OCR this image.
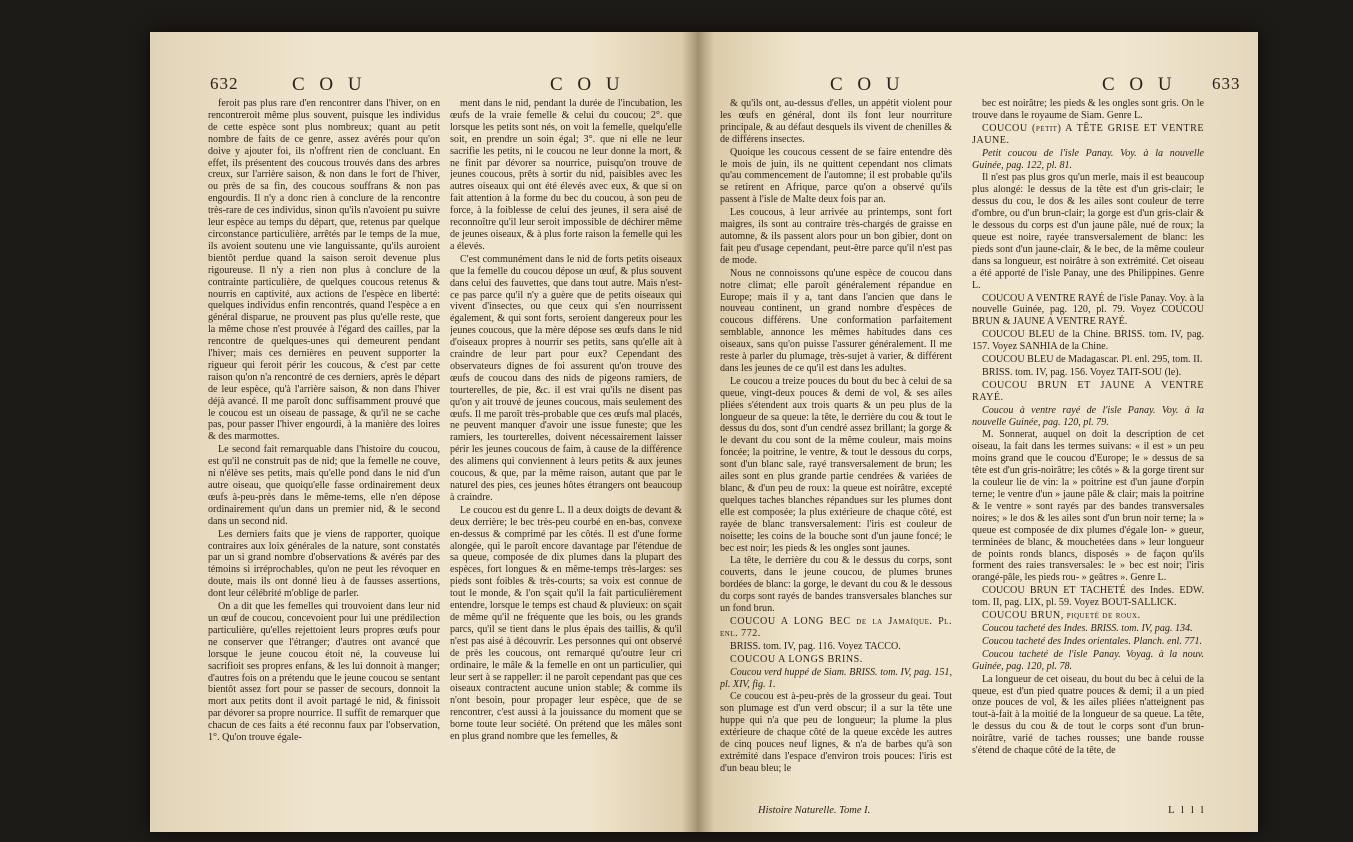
632	C O U	C O U

feroit pas plus rare d'en rencontrer dans l'hiver, on en rencontreroit même plus souvent, puisque les individus de cette espèce sont plus nombreux; quant au petit nombre de faits de ce genre, assez avérés pour qu'on doive y ajouter foi, ils n'offrent rien de concluant. En effet, ils présentent des coucous trouvés dans des arbres creux, sur l'arrière saison, & non dans le fort de l'hiver, ou près de sa fin, des coucous souffrans & non pas engourdis. Il n'y a donc rien à conclure de la rencontre très-rare de ces individus, sinon qu'ils n'avoient pu suivre leur espèce au temps du départ, que, retenus par quelque circonstance particulière, arrêtés par le temps de la mue, ils avoient soutenu une vie languissante, qu'ils auroient bientôt perdue quand la saison seroit devenue plus rigoureuse. Il n'y a rien non plus à conclure de la contrainte particulière, de quelques coucous retenus & nourris en captivité, aux actions de l'espèce en liberté: quelques individus enfin rencontrés, quand l'espèce a en général disparue, ne prouvent pas plus qu'elle reste, que la même chose n'est prouvée à l'égard des cailles, par la rencontre de quelques-unes qui demeurent pendant l'hiver; mais ces dernières en peuvent supporter la rigueur qui feroit périr les coucous, & c'est par cette raison qu'on n'a rencontré de ces derniers, après le départ de leur espèce, qu'à l'arrière saison, & non dans l'hiver déjà avancé. Il me paroît donc suffisamment prouvé que le coucou est un oiseau de passage, & qu'il ne se cache pas, pour passer l'hiver engourdi, à la manière des loires & des marmottes.

Le second fait remarquable dans l'histoire du coucou, est qu'il ne construit pas de nid; que la femelle ne couve, ni n'élève ses petits, mais qu'elle pond dans le nid d'un autre oiseau, que quoiqu'elle fasse ordinairement deux œufs à-peu-près dans le même-tems, elle n'en dépose ordinairement qu'un dans un premier nid, & le second dans un second nid.

Les derniers faits que je viens de rapporter, quoique contraires aux loix générales de la nature, sont constatés par un si grand nombre d'observations & avérés par des témoins si irréprochables, qu'on ne peut les révoquer en doute, mais ils ont donné lieu à de fausses assertions, dont leur célébrité m'oblige de parler.

On a dit que les femelles qui trouvoient dans leur nid un œuf de coucou, concevoient pour lui une prédilection particulière, qu'elles rejettoient leurs propres œufs pour ne conserver que l'étranger; d'autres ont avancé que lorsque le jeune coucou étoit né, la couveuse lui sacrifioit ses propres enfans, & les lui donnoit à manger; d'autres fois on a prétendu que le jeune coucou se sentant bientôt assez fort pour se passer de secours, donnoit la mort aux petits dont il avoit partagé le nid, & finissoit par dévorer sa propre nourrice. Il suffit de remarquer que chacun de ces faits a été reconnu faux par l'observation, 1°. Qu'on trouve égale-

ment dans le nid, pendant la durée de l'incubation, les œufs de la vraie femelle & celui du coucou; 2°. que lorsque les petits sont nés, on voit la femelle, quelqu'elle soit, en prendre un soin égal; 3°. que ni elle ne leur sacrifie les petits, ni le coucou ne leur donne la mort, & ne finit par dévorer sa nourrice, puisqu'on trouve de jeunes coucous, prêts à sortir du nid, paisibles avec les autres oiseaux qui ont été élevés avec eux, & que si on fait attention à la forme du bec du coucou, à son peu de force, à la foiblesse de celui des jeunes, il sera aisé de reconnoître qu'il leur seroit impossible de déchirer même de jeunes oiseaux, & à plus forte raison la femelle qui les a élevés.

C'est communément dans le nid de forts petits oiseaux que la femelle du coucou dépose un œuf, & plus souvent dans celui des fauvettes, que dans tout autre. Mais n'est-ce pas parce qu'il n'y a guère que de petits oiseaux qui vivent d'insectes, ou que ceux qui s'en nourrissent également, & qui sont forts, seroient dangereux pour les jeunes coucous, que la mère dépose ses œufs dans le nid d'oiseaux propres à nourrir ses petits, sans qu'elle ait à craindre de leur part pour eux? Cependant des observateurs dignes de foi assurent qu'on trouve des œufs de coucou dans des nids de pigeons ramiers, de tourterelles, de pie, &c. il est vrai qu'ils ne disent pas qu'on y ait trouvé de jeunes coucous, mais seulement des œufs. Il me paroît très-probable que ces œufs mal placés, ne peuvent manquer d'avoir une issue funeste; que les ramiers, les tourterelles, doivent nécessairement laisser périr les jeunes coucous de faim, à cause de la différence des alimens qui conviennent à leurs petits & aux jeunes coucous, & que, par la même raison, autant que par le naturel des pies, ces jeunes hôtes étrangers ont beaucoup à craindre.

Le coucou est du genre L. Il a deux doigts de devant & deux derrière; le bec très-peu courbé en en-bas, convexe en-dessus & comprimé par les côtés. Il est d'une forme alongée, qui le paroît encore davantage par l'étendue de sa queue, composée de dix plumes dans la plupart des espèces, fort longues & en même-temps très-larges: ses pieds sont foibles & très-courts; sa voix est connue de tout le monde, & l'on sçait qu'il la fait particulièrement entendre, lorsque le temps est chaud & pluvieux: on sçait de même qu'il ne fréquente que les bois, ou les grands parcs, qu'il se tient dans le plus épais des taillis, & qu'il n'est pas aisé à découvrir. Les personnes qui ont observé de près les coucous, ont remarqué qu'outre leur cri ordinaire, le mâle & la femelle en ont un particulier, qui leur sert à se rappeller: il ne paroît cependant pas que ces oiseaux contractent aucune union stable; & comme ils n'ont besoin, pour propager leur espèce, que de se rencontrer, c'est aussi à la jouissance du moment que se borne toute leur société. On prétend que les mâles sont en plus grand nombre que les femelles, &

C O U	C O U 633

& qu'ils ont, au-dessus d'elles, un appétit violent pour les œufs en général, dont ils font leur nourriture principale, & au défaut desquels ils vivent de chenilles & de différens insectes.

Quoique les coucous cessent de se faire entendre dès le mois de juin, ils ne quittent cependant nos climats qu'au commencement de l'automne; il est probable qu'ils se retirent en Afrique, parce qu'on a observé qu'ils passent à l'isle de Malte deux fois par an.

Les coucous, à leur arrivée au printemps, sont fort maigres, ils sont au contraire très-chargés de graisse en automne, & ils passent alors pour un bon gibier, dont on fait peu d'usage cependant, peut-être parce qu'il n'est pas de mode.

Nous ne connoissons qu'une espèce de coucou dans notre climat; elle paroît généralement répandue en Europe; mais il y a, tant dans l'ancien que dans le nouveau continent, un grand nombre d'espèces de coucous différens. Une conformation parfaitement semblable, annonce les mêmes habitudes dans ces oiseaux, sans qu'on puisse l'assurer généralement. Il me reste à parler du plumage, très-sujet à varier, & différent dans les jeunes de ce qu'il est dans les adultes.

Le coucou a treize pouces du bout du bec à celui de sa queue, vingt-deux pouces & demi de vol, & ses ailes pliées s'étendent aux trois quarts & un peu plus de la longueur de sa queue: la tête, le derrière du cou & tout le dessus du dos, sont d'un cendré assez brillant; la gorge & le devant du cou sont de la même couleur, mais moins foncée; la poitrine, le ventre, & tout le dessous du corps, sont d'un blanc sale, rayé transversalement de brun; les ailes sont en plus grande partie cendrées & variées de blanc, & d'un peu de roux: la queue est noirâtre, excepté quelques taches blanches répandues sur les plumes dont elle est composée; la plus extérieure de chaque côté, est rayée de blanc transversalement: l'iris est couleur de noisette; les coins de la bouche sont d'un jaune foncé; le bec est noir; les pieds & les ongles sont jaunes.

La tête, le derrière du cou & le dessus du corps, sont couverts, dans le jeune coucou, de plumes brunes bordées de blanc: la gorge, le devant du cou & le dessous du corps sont rayés de bandes transversales blanches sur un fond brun.

COUCOU A LONG BEC de la Jamaïque. Pl. enl. 772.

BRISS. tom. IV, pag. 116. Voyez TACCO.

COUCOU A LONGS BRINS.

Coucou verd huppé de Siam. BRISS. tom. IV, pag. 151, pl. XIV, fig. 1.

Ce coucou est à-peu-près de la grosseur du geai. Tout son plumage est d'un verd obscur; il a sur la tête une huppe qui n'a que peu de longueur; la plume la plus extérieure de chaque côté de la queue excède les autres de cinq pouces neuf lignes, & n'a de barbes qu'à son extrémité dans l'espace d'environ trois pouces: l'iris est d'un beau bleu; le

bec est noirâtre; les pieds & les ongles sont gris. On le trouve dans le royaume de Siam. Genre L.

COUCOU (petit) A TÊTE GRISE ET VENTRE JAUNE.

Petit coucou de l'isle Panay. Voy. à la nouvelle Guinée, pag. 122, pl. 81.

Il n'est pas plus gros qu'un merle, mais il est beaucoup plus alongé: le dessus de la tête est d'un gris-clair; le dessus du cou, le dos & les ailes sont couleur de terre d'ombre, ou d'un brun-clair; la gorge est d'un gris-clair & le dessous du corps est d'un jaune pâle, nué de roux; la queue est noire, rayée transversalement de blanc: les pieds sont d'un jaune-clair, & le bec, de la même couleur dans sa longueur, est noirâtre à son extrémité. Cet oiseau a été apporté de l'isle Panay, une des Philippines. Genre L.

COUCOU A VENTRE RAYÉ de l'isle Panay. Voy. à la nouvelle Guinée, pag. 120, pl. 79. Voyez COUCOU BRUN & JAUNE A VENTRE RAYÉ.

COUCOU BLEU de la Chine. BRISS. tom. IV, pag. 157. Voyez SANHIA de la Chine.

COUCOU BLEU de Madagascar. Pl. enl. 295, tom. II.

BRISS. tom. IV, pag. 156. Voyez TAIT-SOU (le).

COUCOU BRUN ET JAUNE A VENTRE RAYÉ.

Coucou à ventre rayé de l'isle Panay. Voy. à la nouvelle Guinée, pag. 120, pl. 79.

M. Sonnerat, auquel on doit la description de cet oiseau, la fait dans les termes suivans: « il est » un peu moins grand que le coucou d'Europe; le » dessus de sa tête est d'un gris-noirâtre; les côtés » & la gorge tirent sur la couleur lie de vin: la » poitrine est d'un jaune d'orpin terne; le ventre d'un » jaune pâle & clair; mais la poitrine & le ventre » sont rayés par des bandes transversales noires; » le dos & les ailes sont d'un brun noir terne; la » queue est composée de dix plumes d'égale lon- » gueur, terminées de blanc, & mouchetées dans » leur longueur de points ronds blancs, disposés » de façon qu'ils forment des raies transversales: le » bec est noir; l'iris orangé-pâle, les pieds rou- » geâtres ». Genre L.

COUCOU BRUN ET TACHETÉ des Indes. EDW. tom. II, pag. LIX, pl. 59. Voyez BOUT-SALLICK.

COUCOU BRUN, piqueté de roux.

Coucou tacheté des Indes. BRISS. tom. IV, pag. 134.

Coucou tacheté des Indes orientales. Planch. enl. 771.

Coucou tacheté de l'isle Panay. Voyag. à la nouv. Guinée, pag. 120, pl. 78.

La longueur de cet oiseau, du bout du bec à celui de la queue, est d'un pied quatre pouces & demi; il a un pied onze pouces de vol, & les ailes pliées n'atteignent pas tout-à-fait à la moitié de la longueur de sa queue. La tête, le dessus du cou & de tout le corps sont d'un brun-noirâtre, varié de taches rousses; une bande rousse s'étend de chaque côté de la tête, de

Histoire Naturelle. Tome I.	L l l l
